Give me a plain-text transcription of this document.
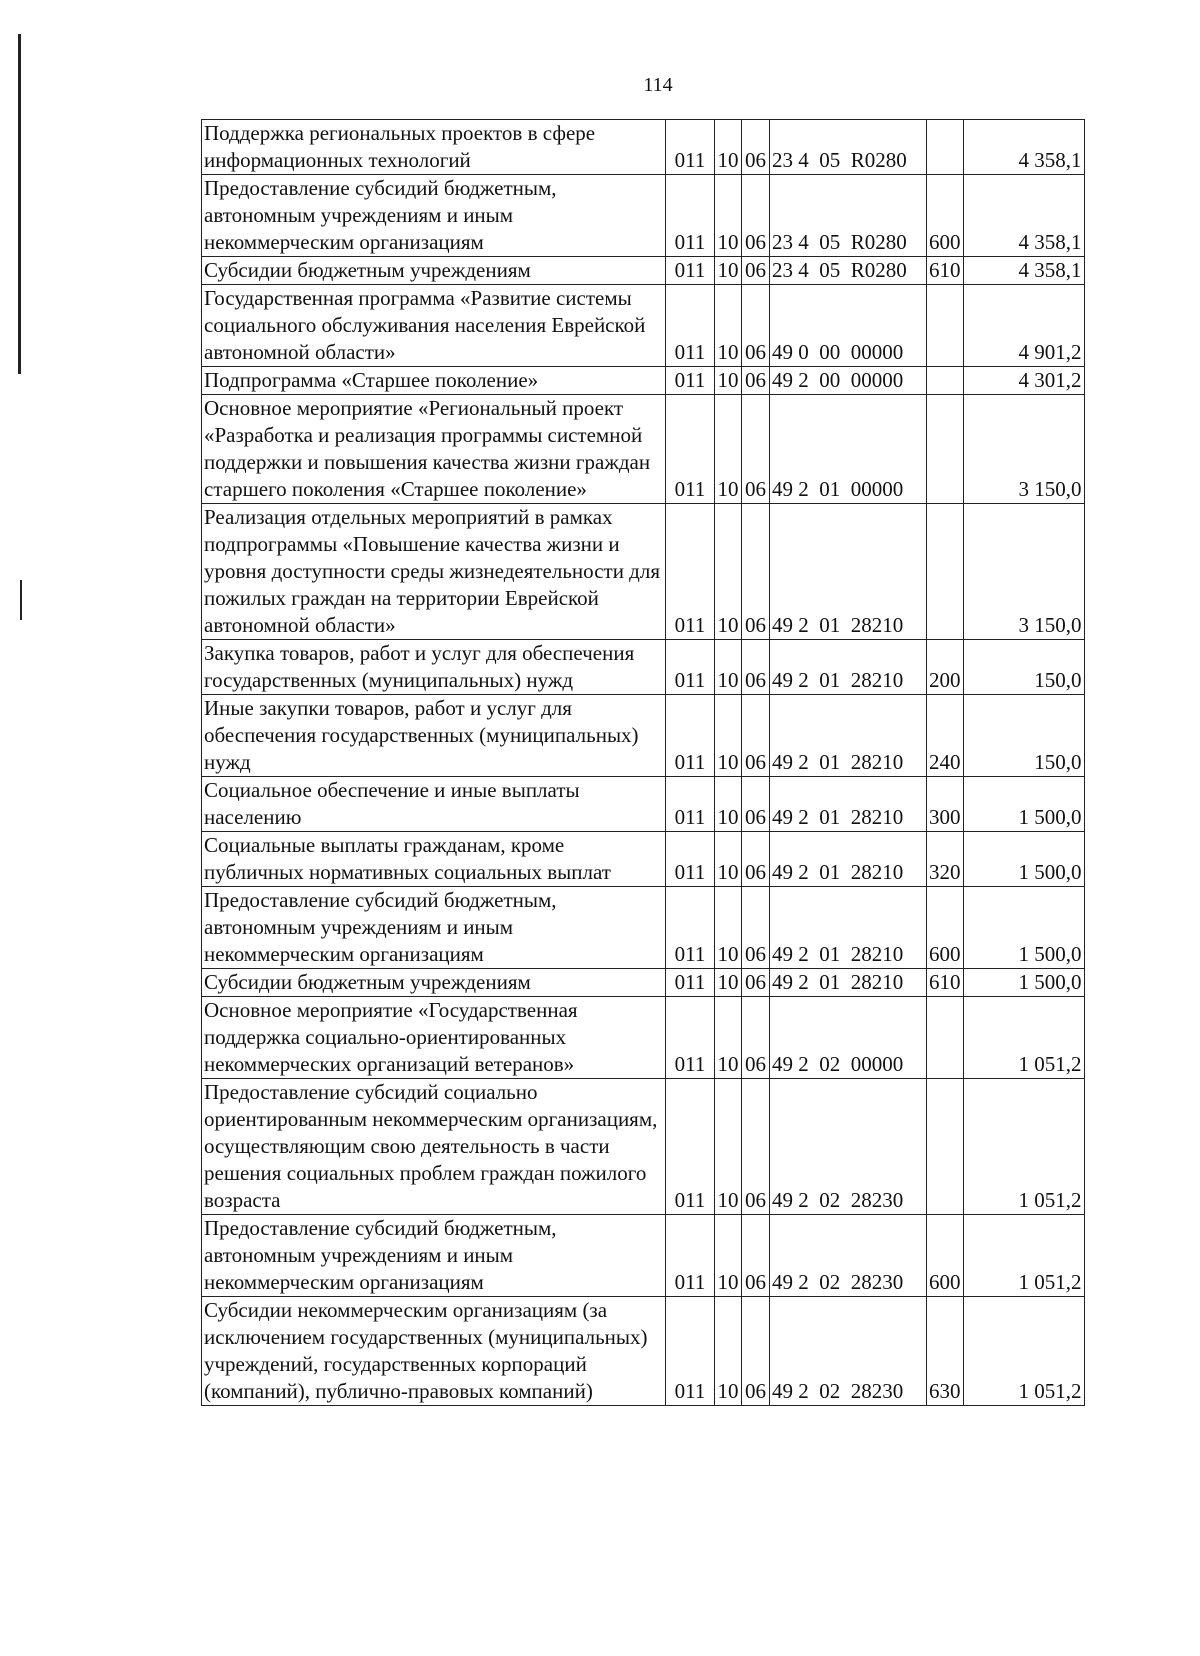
114
Поддержка региональных проектов в сфере информационных технологий	011	10	06	23 4  05  R0280		4 358,1
Предоставление субсидий бюджетным, автономным учреждениям и иным некоммерческим организациям	011	10	06	23 4  05  R0280	600	4 358,1
Субсидии бюджетным учреждениям	011	10	06	23 4  05  R0280	610	4 358,1
Государственная программа «Развитие системы социального обслуживания населения Еврейской автономной области»	011	10	06	49 0  00  00000		4 901,2
Подпрограмма «Старшее поколение»	011	10	06	49 2  00  00000		4 301,2
Основное мероприятие «Региональный проект «Разработка и реализация программы системной поддержки и повышения качества жизни граждан старшего поколения «Старшее поколение»	011	10	06	49 2  01  00000		3 150,0
Реализация отдельных мероприятий в рамках подпрограммы «Повышение качества жизни и уровня доступности среды жизнедеятельности для пожилых граждан на территории Еврейской автономной области»	011	10	06	49 2  01  28210		3 150,0
Закупка товаров, работ и услуг для обеспечения государственных (муниципальных) нужд	011	10	06	49 2  01  28210	200	150,0
Иные закупки товаров, работ и услуг для обеспечения государственных (муниципальных) нужд	011	10	06	49 2  01  28210	240	150,0
Социальное обеспечение и иные выплаты населению	011	10	06	49 2  01  28210	300	1 500,0
Социальные выплаты гражданам, кроме публичных нормативных социальных выплат	011	10	06	49 2  01  28210	320	1 500,0
Предоставление субсидий бюджетным, автономным учреждениям и иным некоммерческим организациям	011	10	06	49 2  01  28210	600	1 500,0
Субсидии бюджетным учреждениям	011	10	06	49 2  01  28210	610	1 500,0
Основное мероприятие «Государственная поддержка социально-ориентированных некоммерческих организаций ветеранов»	011	10	06	49 2  02  00000		1 051,2
Предоставление субсидий социально ориентированным некоммерческим организациям, осуществляющим свою деятельность в части решения социальных проблем граждан пожилого возраста	011	10	06	49 2  02  28230		1 051,2
Предоставление субсидий бюджетным, автономным учреждениям и иным некоммерческим организациям	011	10	06	49 2  02  28230	600	1 051,2
Субсидии некоммерческим организациям (за исключением государственных (муниципальных) учреждений, государственных корпораций (компаний), публично-правовых компаний)	011	10	06	49 2  02  28230	630	1 051,2
